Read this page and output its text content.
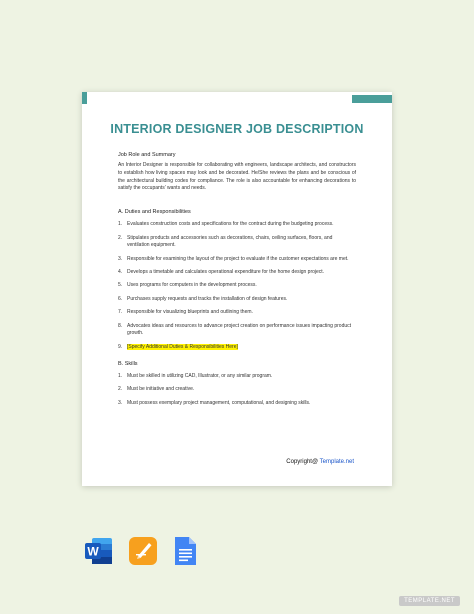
INTERIOR DESIGNER JOB DESCRIPTION

Job Role and Summary

An Interior Designer is responsible for collaborating with engineers, landscape architects, and constructors to establish how living spaces may look and be decorated. He/She reviews the plans and be conscious of the architectural building codes for compliance. The role is also accountable for enhancing decorations to satisfy the occupants’ wants and needs.

A. Duties and Responsibilities

1. Evaluates construction costs and specifications for the contract during the budgeting process.
2. Stipulates products and accessories such as decorations, chairs, ceiling surfaces, floors, and ventilation equipment.
3. Responsible for examining the layout of the project to evaluate if the customer expectations are met.
4. Develops a timetable and calculates operational expenditure for the home design project.
5. Uses programs for computers in the development process.
6. Purchases supply requests and tracks the installation of design features.
7. Responsible for visualizing blueprints and outlining them.
8. Advocates ideas and resources to advance project creation on performance issues impacting product growth.
9. [Specify Additional Duties & Responsibilities Here]

B. Skills

1. Must be skilled in utilizing CAD, Illustrator, or any similar program.
2. Must be initiative and creative.
3. Must possess exemplary project management, computational, and designing skills.
Copyright@ Template.net
W
TEMPLATE.NET
